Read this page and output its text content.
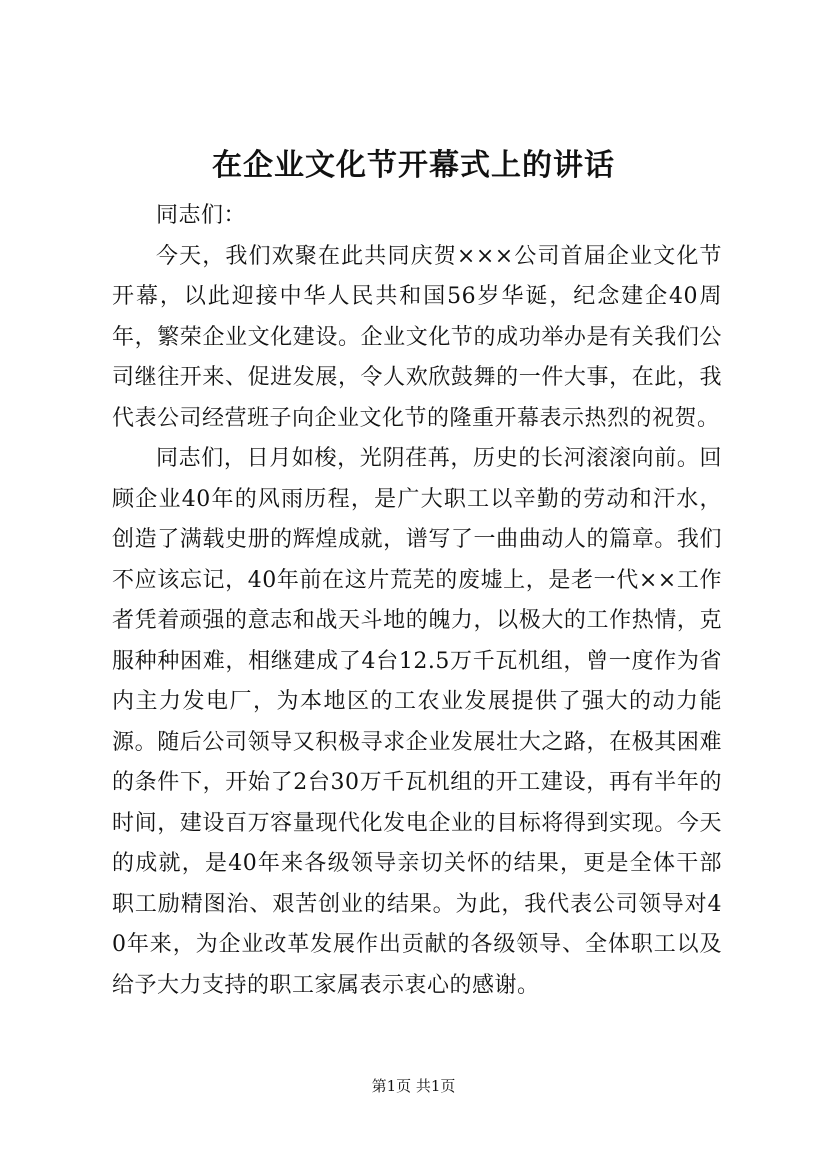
在企业文化节开幕式上的讲话

同志们：

今天，我们欢聚在此共同庆贺×××公司首届企业文化节开幕，以此迎接中华人民共和国56岁华诞，纪念建企40周年，繁荣企业文化建设。企业文化节的成功举办是有关我们公司继往开来、促进发展，令人欢欣鼓舞的一件大事，在此，我代表公司经营班子向企业文化节的隆重开幕表示热烈的祝贺。

同志们，日月如梭，光阴荏苒，历史的长河滚滚向前。回顾企业40年的风雨历程，是广大职工以辛勤的劳动和汗水，创造了满载史册的辉煌成就，谱写了一曲曲动人的篇章。我们不应该忘记，40年前在这片荒芜的废墟上，是老一代××工作者凭着顽强的意志和战天斗地的魄力，以极大的工作热情，克服种种困难，相继建成了4台12.5万千瓦机组，曾一度作为省内主力发电厂，为本地区的工农业发展提供了强大的动力能源。随后公司领导又积极寻求企业发展壮大之路，在极其困难的条件下，开始了2台30万千瓦机组的开工建设，再有半年的时间，建设百万容量现代化发电企业的目标将得到实现。今天的成就，是40年来各级领导亲切关怀的结果，更是全体干部职工励精图治、艰苦创业的结果。为此，我代表公司领导对40年来，为企业改革发展作出贡献的各级领导、全体职工以及给予大力支持的职工家属表示衷心的感谢。

第1页 共1页
